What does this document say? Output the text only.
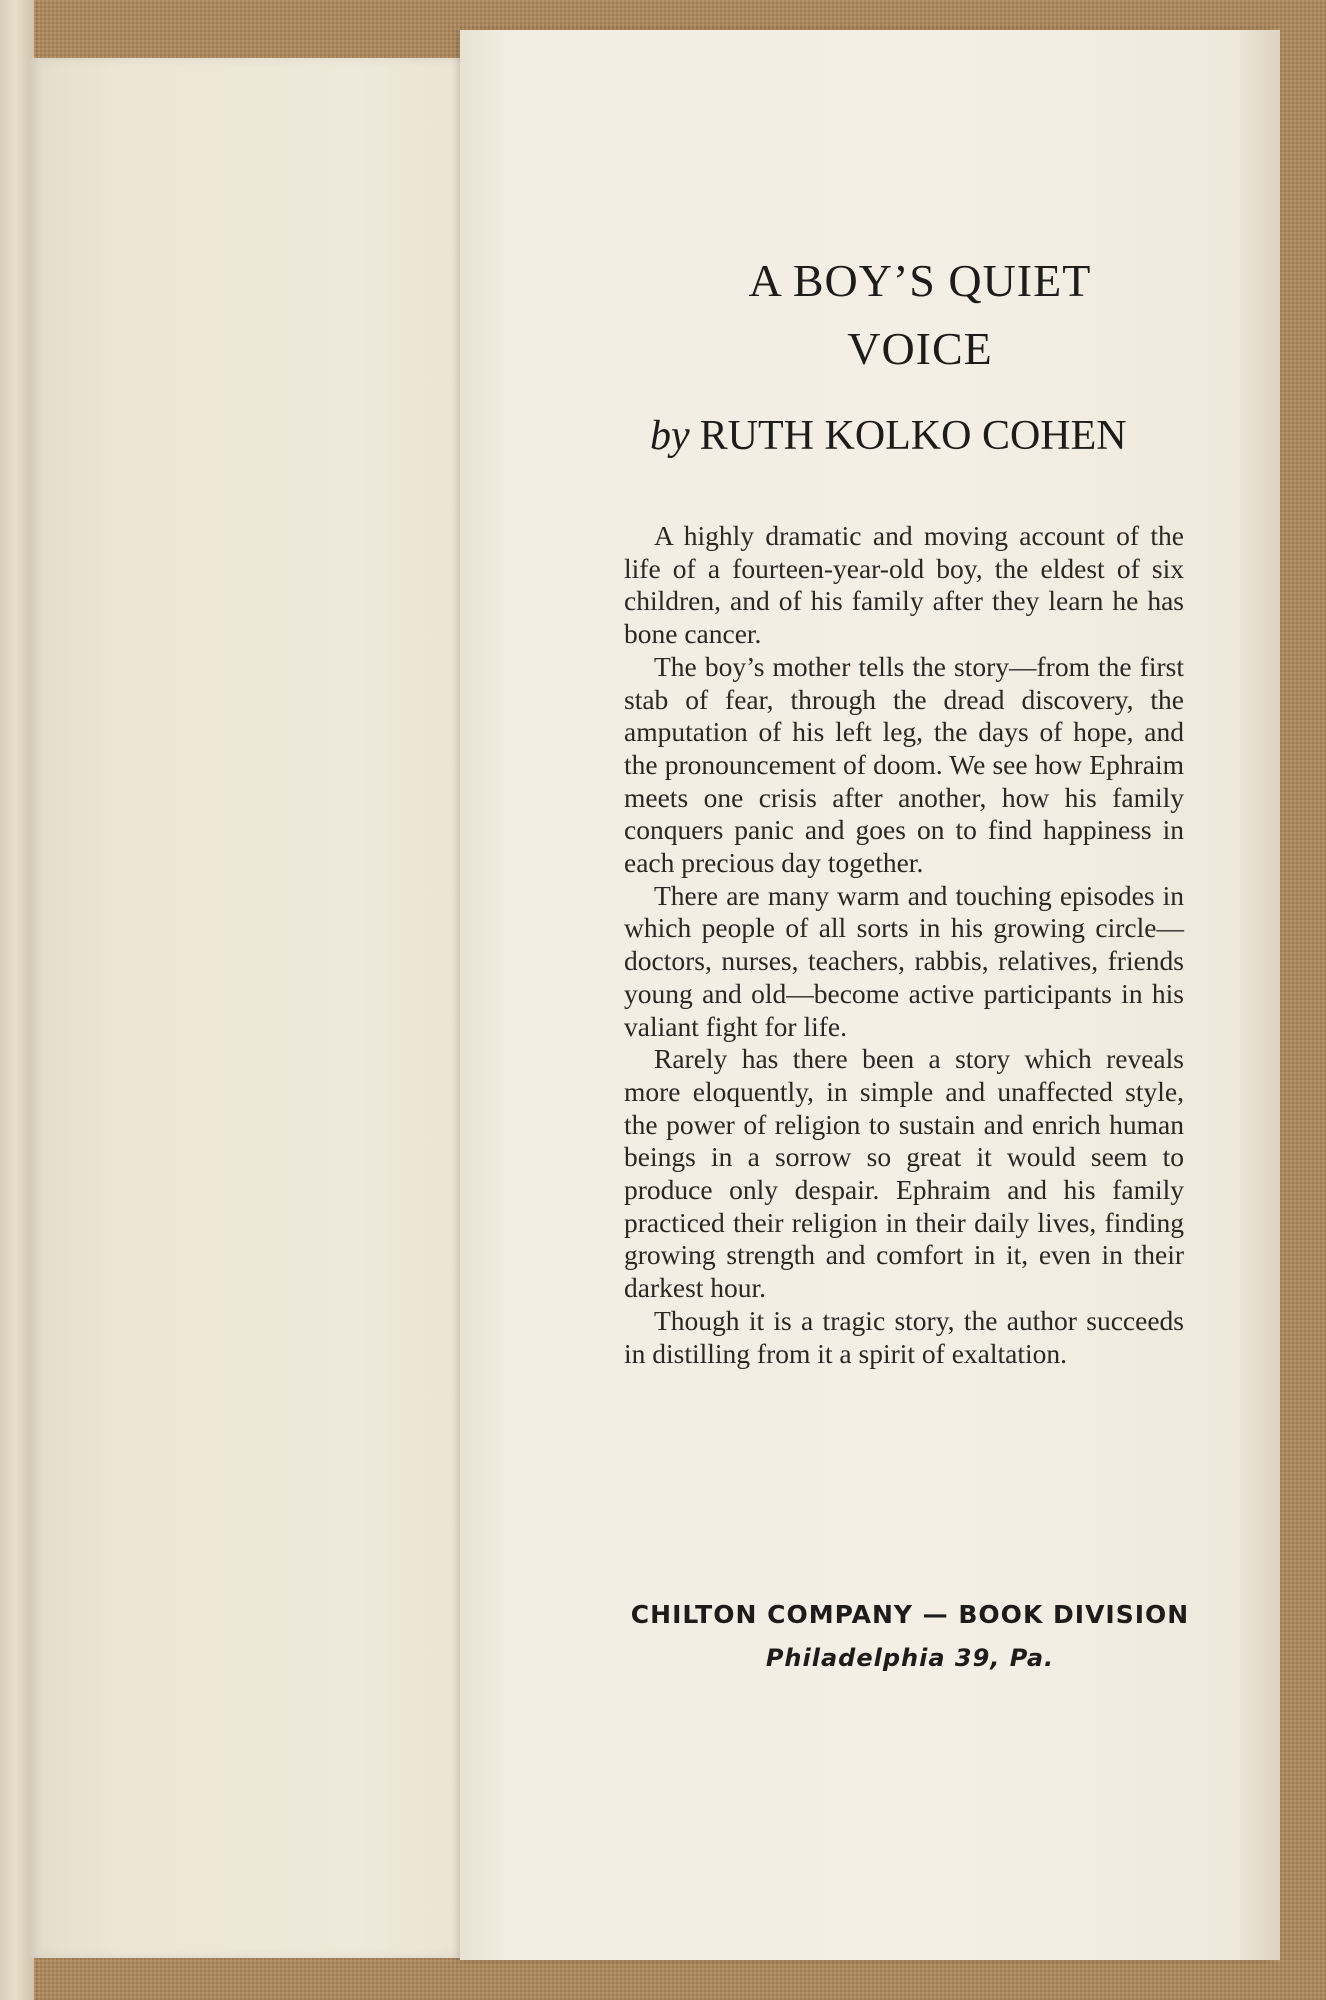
A BOY’S QUIET
VOICE
by RUTH KOLKO COHEN

A highly dramatic and moving account of the life of a fourteen-year-old boy, the eldest of six children, and of his family after they learn he has bone cancer.

The boy’s mother tells the story—from the first stab of fear, through the dread discovery, the amputation of his left leg, the days of hope, and the pronouncement of doom. We see how Ephraim meets one crisis after another, how his family conquers panic and goes on to find happiness in each precious day together.

There are many warm and touching episodes in which people of all sorts in his growing circle—doctors, nurses, teachers, rabbis, relatives, friends young and old—become active participants in his valiant fight for life.

Rarely has there been a story which reveals more eloquently, in simple and unaffected style, the power of religion to sustain and enrich human beings in a sorrow so great it would seem to produce only despair. Ephraim and his family practiced their religion in their daily lives, finding growing strength and comfort in it, even in their darkest hour.

Though it is a tragic story, the author succeeds in distilling from it a spirit of exaltation.

CHILTON COMPANY — BOOK DIVISION
Philadelphia 39, Pa.
